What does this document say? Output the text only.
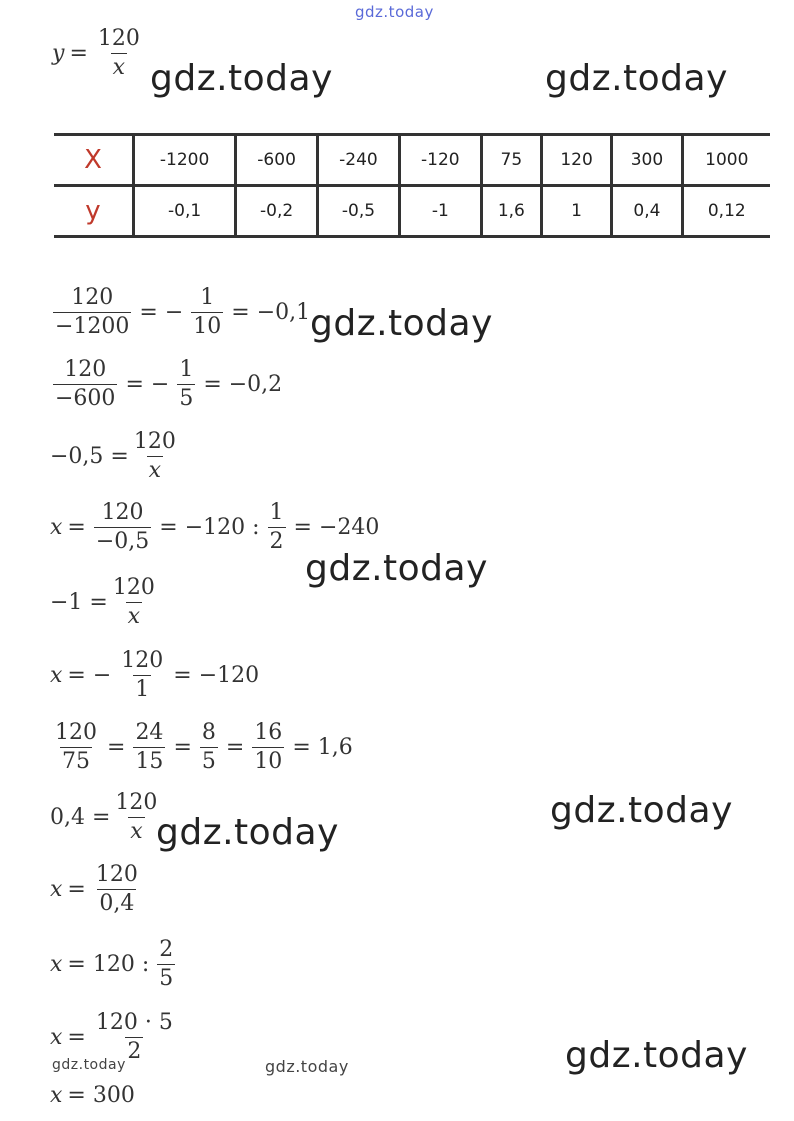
gdz.today
$y = \frac{120}{x}$ gdz.today	gdz.today
X	-1200	-600	-240	-120	75	120	300	1000
y	-0,1	-0,2	-0,5	-1	1,6	1	0,4	0,12
$\frac{120}{-1200}$ = − $\frac{1}{10} = -0,1$ gdz.today
$\frac{120}{-600}$ = − $\frac{1}{5} = -0,2$
$-0,5 = \frac{120}{x}$
$x = \frac{120}{-0,5} = -120$ : $\frac{1}{2} = -240$
gdz.today
$-1 = \frac{120}{x}$
x = − $\frac{120}{1} = -120$
$\frac{120}{75} = \frac{24}{15} = \frac{8}{5} = \frac{16}{10} = 1,6$
$0,4 = \frac{120}{x}$
gdz.today
gdz.today
$x = \frac{120}{0,4}$
x = 120 : $\frac{2}{5}$
$x = \frac{120 \cdot 5}{2}$
gdz.today	gdz.today	gdz.today
x = 300
